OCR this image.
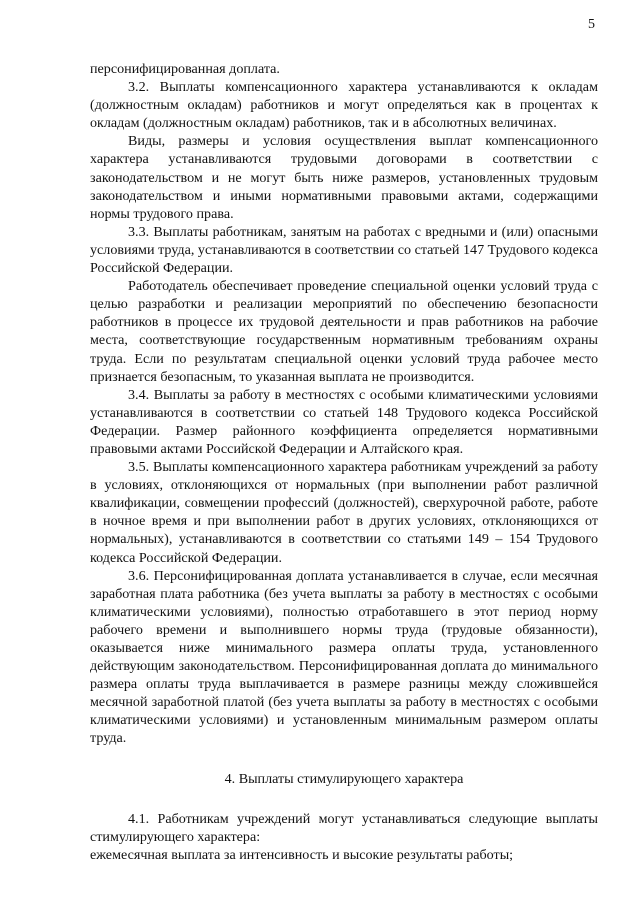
5

персонифицированная доплата.

3.2. Выплаты компенсационного характера устанавливаются к окладам (должностным окладам) работников и могут определяться как в процентах к окладам (должностным окладам) работников, так и в абсолютных величинах.

Виды, размеры и условия осуществления выплат компенсационного характера устанавливаются трудовыми договорами в соответствии с законодательством и не могут быть ниже размеров, установленных трудовым законодательством и иными нормативными правовыми актами, содержащими нормы трудового права.

3.3. Выплаты работникам, занятым на работах с вредными и (или) опасными условиями труда, устанавливаются в соответствии со статьей 147 Трудового кодекса Российской Федерации.

Работодатель обеспечивает проведение специальной оценки условий труда с целью разработки и реализации мероприятий по обеспечению безопасности работников в процессе их трудовой деятельности и прав работников на рабочие места, соответствующие государственным нормативным требованиям охраны труда. Если по результатам специальной оценки условий труда рабочее место признается безопасным, то указанная выплата не производится.

3.4. Выплаты за работу в местностях с особыми климатическими условиями устанавливаются в соответствии со статьей 148 Трудового кодекса Российской Федерации. Размер районного коэффициента определяется нормативными правовыми актами Российской Федерации и Алтайского края.

3.5. Выплаты компенсационного характера работникам учреждений за работу в условиях, отклоняющихся от нормальных (при выполнении работ различной квалификации, совмещении профессий (должностей), сверхурочной работе, работе в ночное время и при выполнении работ в других условиях, отклоняющихся от нормальных), устанавливаются в соответствии со статьями 149 – 154 Трудового кодекса Российской Федерации.

3.6. Персонифицированная доплата устанавливается в случае, если месячная заработная плата работника (без учета выплаты за работу в местностях с особыми климатическими условиями), полностью отработавшего в этот период норму рабочего времени и выполнившего нормы труда (трудовые обязанности), оказывается ниже минимального размера оплаты труда, установленного действующим законодательством. Персонифицированная доплата до минимального размера оплаты труда выплачивается в размере разницы между сложившейся месячной заработной платой (без учета выплаты за работу в местностях с особыми климатическими условиями) и установленным минимальным размером оплаты труда.

4. Выплаты стимулирующего характера

4.1. Работникам учреждений могут устанавливаться следующие выплаты стимулирующего характера:

ежемесячная выплата за интенсивность и высокие результаты работы;
